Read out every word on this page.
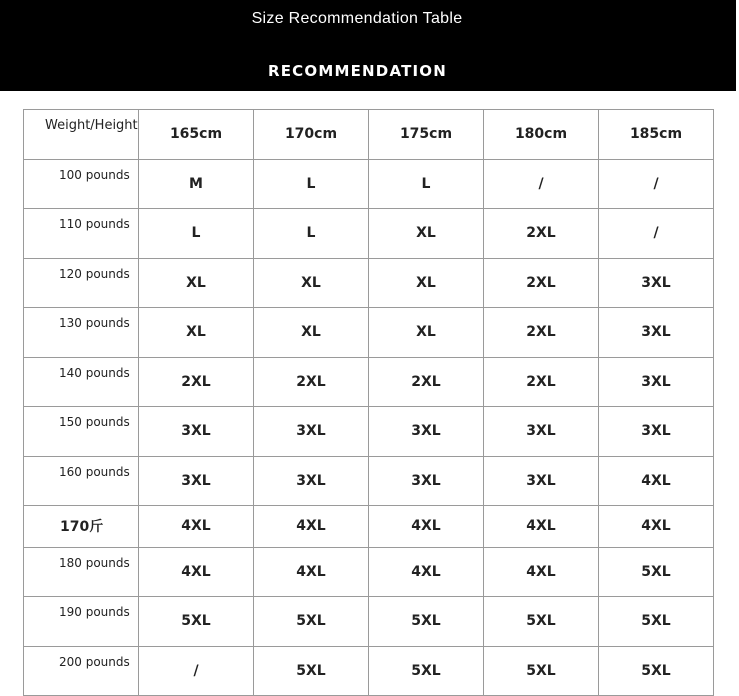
Size Recommendation Table
RECOMMENDATION
Weight/Height	165cm	170cm	175cm	180cm	185cm
100 pounds	M	L	L	/	/
110 pounds	L	L	XL	2XL	/
120 pounds	XL	XL	XL	2XL	3XL
130 pounds	XL	XL	XL	2XL	3XL
140 pounds	2XL	2XL	2XL	2XL	3XL
150 pounds	3XL	3XL	3XL	3XL	3XL
160 pounds	3XL	3XL	3XL	3XL	4XL
170斤	4XL	4XL	4XL	4XL	4XL
180 pounds	4XL	4XL	4XL	4XL	5XL
190 pounds	5XL	5XL	5XL	5XL	5XL
200 pounds	/	5XL	5XL	5XL	5XL
